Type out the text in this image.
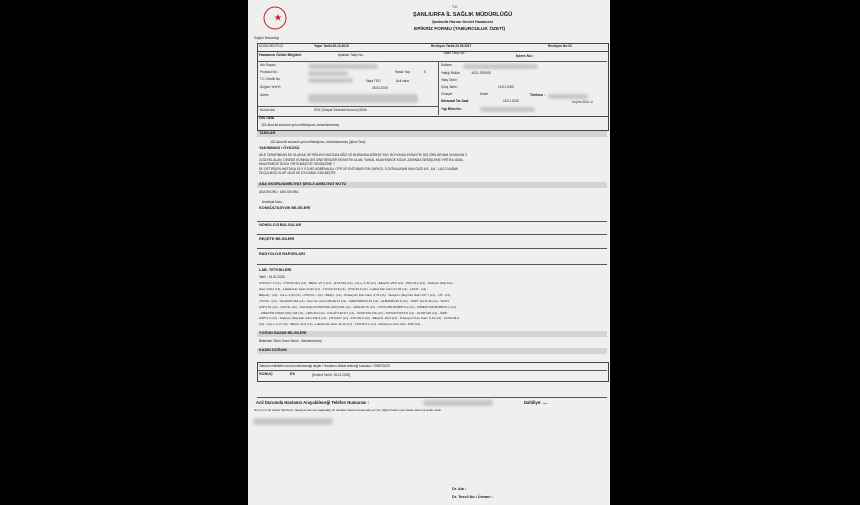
Sağlık Bakanlığı
T.C.
ŞANLIURFA İL SAĞLIK MÜDÜRLÜĞÜ
Şanlıurfa Harran Devlet Hastanesi
EPİKRİZ FORMU (TABURCULUK ÖZETİ)
KODU:HB.FR.02	Yayın Tarihi:20.10.2015	Revizyon Tarihi:23.05.2017	Revizyon No:02
Hastanın Özlük Bilgileri	Ayaktan Takip No :	Yatan Takip No :
İşlem No :
Adı Soyadı
Protokol No :	Hasta Yaş :	6
T.C. Kimlik No	Vaka TÜG	Acil vaka
Doğum Yeri/Yt.	28.02.2019
Adres
Kurum Adı	SGK (Sosyal Güvenlik Kurumu) 5306
Doktoru
Yattığı Bölüm	: ACİL SERVİS
Yatış Tarihi :
Çıkış Tarihi :	15.01.2025
Cinsiyet	Kadın	Telefonu :
Müracaat Tar-Saat	15.01.2025	bu pim.2011 ol
Yığı Bilim No :
ÖN TANI
J22-Akut alt solunum yolu enfeksiyonu, tanımlanmamış
TANILAR
J22-Akut alt solunum yolu enfeksiyonu, tanımlanmamış (İşlem Tanı)
YAKINMASI / ÖYKÜSÜ
AİLE TARAFINDAN EK OLARAK GETİRİLEN HASTADA AĞIZ VE BURUNDA AĞRIŞE SIVI, BOYUNDA EKİMOTİK DIŞ ZİRA DEVAM OLMAYAN 3
COZ/VEL ALAN, CİNEDE KOMNA( DIS İZNE BENZER EKIMOTİK ALAN, YAİNAL MUAYENEDE KIZLIK ZARINDA GENİŞLEMŞ YIRTIKLI ANAL
MUAYENEDE DOKU YIRTILMAŞI VE GENİŞLEME ?
EK GETİRİLEN HASTAYA 15 X 0.3 MG ADRENALİN, CPR VE ENTÜBASYON YAPILDI. 3 DEFAALİNAN KAN GAZI 6.8 , 6.6 , LAO OLARAK
ÖLÇÜLMÜŞ OLUP 16:25 DE EX KABUL EDİLMİŞTİR
ASA SKORU/AMELİYAT ŞEKLİ/ AMELİYAT NOTU
ASA SKORU : ASA SKORU :
Ameliyat Notu :
KONSÜLTASYON BİLGİLERİ
NONOLOJİ BULGULAR
REÇETE BİLGİLERİ
RADYOLOJİ RAPORLARI
LAB. TETKİKLERİ
Tarih : 15.01.2025 -
cHCO3-7.7 (x1) - cTCO2:16,4 (x1) - BE(b):-27,4 (x1) - pH:6,691 (x1) - Ca++:1,30 (x1) - BE(ecf):-25,8 (x1) - PO2:43,2 (x1) - Sodyum (Na) Kan
Gazı:149,4 (x1) - Laktat Kan Gazı:14,32 (x1) - cTCO2:13,6 (x1) - PO2:40,0 (x1) - Laktat Kan Gazı:17,32 (x1) - pCO2:- (x1) -
BE(ecf):- (x1) - Ca++:1,34 (x1) - cHCO3-:- (x1) - BE(b):- (x1) - Potasyum Kan Gazı :6,74 (x1) - Sodyum (Na) Kan Gazı:147,7 (x1) - pH:- (x1) -
cTCO2:- (x1) - GLUKOZ:164 (x1) - Kan üre azotu (BUN):11 (x1) - KREATİNİN:0,51 (x1) - ALBUMİN:40,6 (x1) - SGPT (ALT):39 (x1) - SGOT
(AST):51 (x1) - GGT:11 (x1) - ALKALEN FOSFATAZ (ALP):261 (x1) - AMİLAZ:15 (x1) - TOTAL BİLİRUBİN:0,2 (x1) - DİREKT BİLİRUBİN:0,1 (x1)
- KREATİN KİNAZ (CK):143 (x1) - LDH:312 (x1) - KALSİYUM:8,7 (x1) - SODYUM:146 (x1) - POTASYUM:5,8 (x1) - KLOR:110 (x1) - ÜRİK
ASİT:3,3 (x1) - Sodyum (Na) Kan Gazı:146,3 (x1) - pH:6,627 (x1) - PO2:26,2 (x1) - BE(ecf):-20,3 (x1) - Potasyum Kan Gazı :5,10 (x1) - pCO2:99,4
(x1) - Ca++:1,17 (x1) - BE(b):-21,9 (x1) - Laktat Kan Gazı:11,10 (x1) - cTCO2:6,1 (x1) - Potasyum Kan Gazı :6,08 (x1) -
YOĞUN BAKIM BİLGİLERİ
Beklenen Ölüm Oranı Skoru : Belirlenmemiş
KADIN DOĞUM
Taburcu edildikten sonra kullanılacağı ilaçlar / Hastanın dikkat edeceği hususlar / ÖNERİLER
SONUÇ	EX	[Kontrol Tarihi: 15.01.2025]
Acil Durumda Hastanın Arayabileceği Telefon Numarası :	Dahiliye: ....
Not: Form iki nüsha hazırlanır, hastaya yatırma onayladığı bir nüshası hasta dosyasında yer alır, diğeri hasta veya hasta yakınına teslim edilir.
Dr. Adı :
Dr. Tescil No / Ünvanı :
